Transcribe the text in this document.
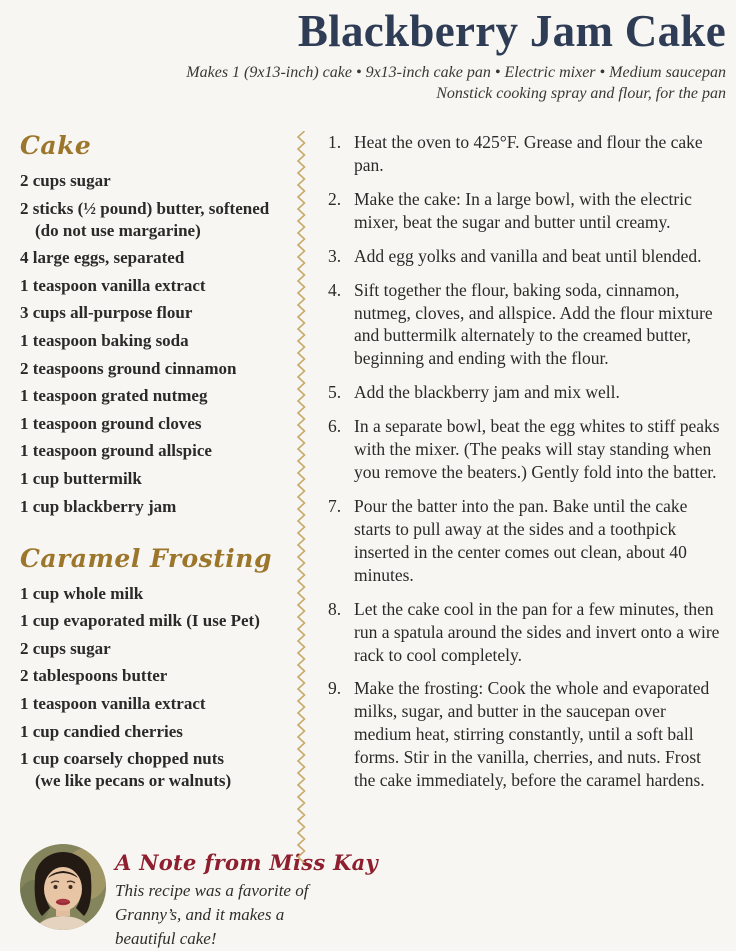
Blackberry Jam Cake
Makes 1 (9x13-inch) cake • 9x13-inch cake pan • Electric mixer • Medium saucepan
Nonstick cooking spray and flour, for the pan
Cake
2 cups sugar
2 sticks (½ pound) butter, softened
(do not use margarine)
4 large eggs, separated
1 teaspoon vanilla extract
3 cups all-purpose flour
1 teaspoon baking soda
2 teaspoons ground cinnamon
1 teaspoon grated nutmeg
1 teaspoon ground cloves
1 teaspoon ground allspice
1 cup buttermilk
1 cup blackberry jam
Caramel Frosting
1 cup whole milk
1 cup evaporated milk (I use Pet)
2 cups sugar
2 tablespoons butter
1 teaspoon vanilla extract
1 cup candied cherries
1 cup coarsely chopped nuts
(we like pecans or walnuts)
A Note from Miss Kay
This recipe was a favorite of Granny’s, and it makes a beautiful cake!
1. Heat the oven to 425°F. Grease and flour the cake pan.
2. Make the cake: In a large bowl, with the electric mixer, beat the sugar and butter until creamy.
3. Add egg yolks and vanilla and beat until blended.
4. Sift together the flour, baking soda, cinnamon, nutmeg, cloves, and allspice. Add the flour mixture and buttermilk alternately to the creamed butter, beginning and ending with the flour.
5. Add the blackberry jam and mix well.
6. In a separate bowl, beat the egg whites to stiff peaks with the mixer. (The peaks will stay standing when you remove the beaters.) Gently fold into the batter.
7. Pour the batter into the pan. Bake until the cake starts to pull away at the sides and a toothpick inserted in the center comes out clean, about 40 minutes.
8. Let the cake cool in the pan for a few minutes, then run a spatula around the sides and invert onto a wire rack to cool completely.
9. Make the frosting: Cook the whole and evaporated milks, sugar, and butter in the saucepan over medium heat, stirring constantly, until a soft ball forms. Stir in the vanilla, cherries, and nuts. Frost the cake immediately, before the caramel hardens.
